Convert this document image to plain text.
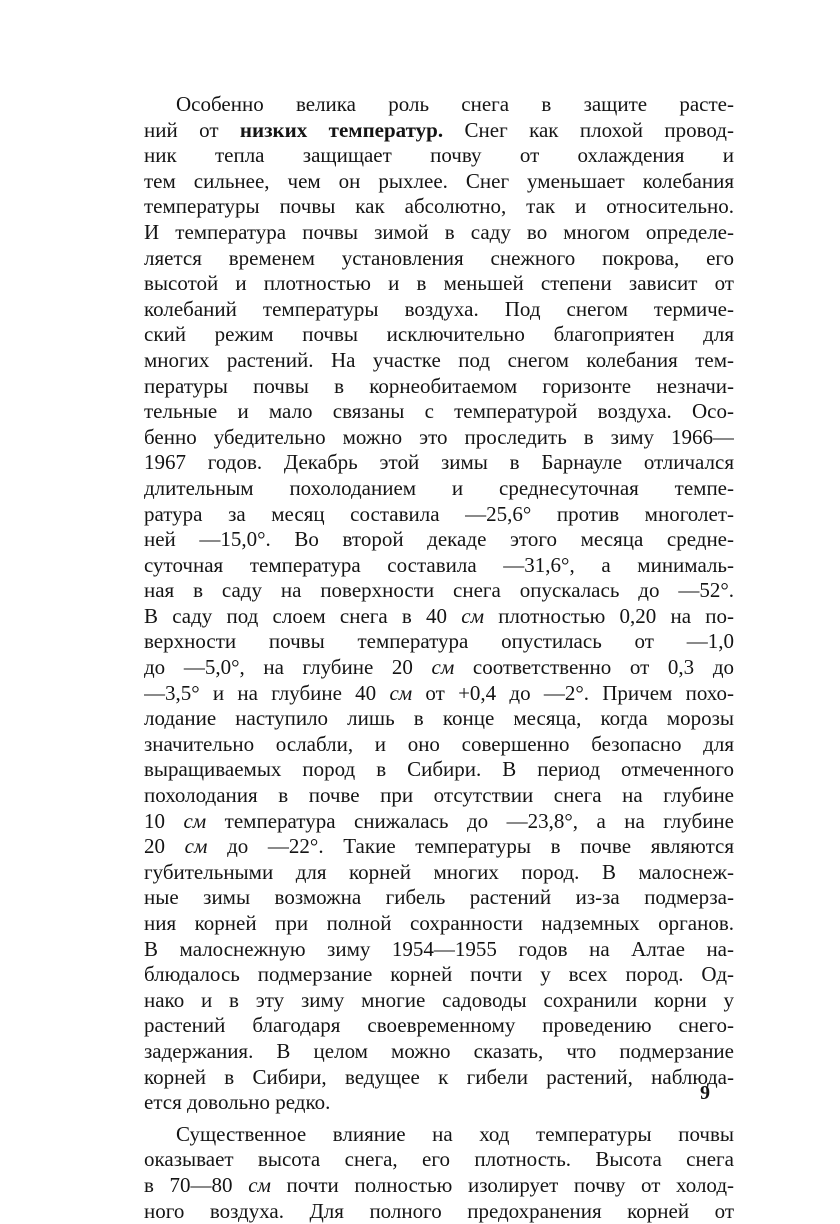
Особенно велика роль снега в защите расте-
ний от низких температур. Снег как плохой провод-
ник тепла защищает почву от охлаждения и
тем сильнее, чем он рыхлее. Снег уменьшает колебания
температуры почвы как абсолютно, так и относительно.
И температура почвы зимой в саду во многом определе-
ляется временем установления снежного покрова, его
высотой и плотностью и в меньшей степени зависит от
колебаний температуры воздуха. Под снегом термиче-
ский режим почвы исключительно благоприятен для
многих растений. На участке под снегом колебания тем-
пературы почвы в корнеобитаемом горизонте незначи-
тельные и мало связаны с температурой воздуха. Осо-
бенно убедительно можно это проследить в зиму 1966—
1967 годов. Декабрь этой зимы в Барнауле отличался
длительным похолоданием и среднесуточная темпе-
ратура за месяц составила —25,6° против многолет-
ней —15,0°. Во второй декаде этого месяца средне-
суточная температура составила —31,6°, а минималь-
ная в саду на поверхности снега опускалась до —52°.
В саду под слоем снега в 40 см плотностью 0,20 на по-
верхности почвы температура опустилась от —1,0
до —5,0°, на глубине 20 см соответственно от 0,3 до
—3,5° и на глубине 40 см от +0,4 до —2°. Причем похо-
лодание наступило лишь в конце месяца, когда морозы
значительно ослабли, и оно совершенно безопасно для
выращиваемых пород в Сибири. В период отмеченного
похолодания в почве при отсутствии снега на глубине
10 см температура снижалась до —23,8°, а на глубине
20 см до —22°. Такие температуры в почве являются
губительными для корней многих пород. В малоснеж-
ные зимы возможна гибель растений из-за подмерза-
ния корней при полной сохранности надземных органов.
В малоснежную зиму 1954—1955 годов на Алтае на-
блюдалось подмерзание корней почти у всех пород. Од-
нако и в эту зиму многие садоводы сохранили корни у
растений благодаря своевременному проведению снего-
задержания. В целом можно сказать, что подмерзание
корней в Сибири, ведущее к гибели растений, наблюда-
ется довольно редко.
Существенное влияние на ход температуры почвы
оказывает высота снега, его плотность. Высота снега
в 70—80 см почти полностью изолирует почву от холод-
ного воздуха. Для полного предохранения корней от
9
